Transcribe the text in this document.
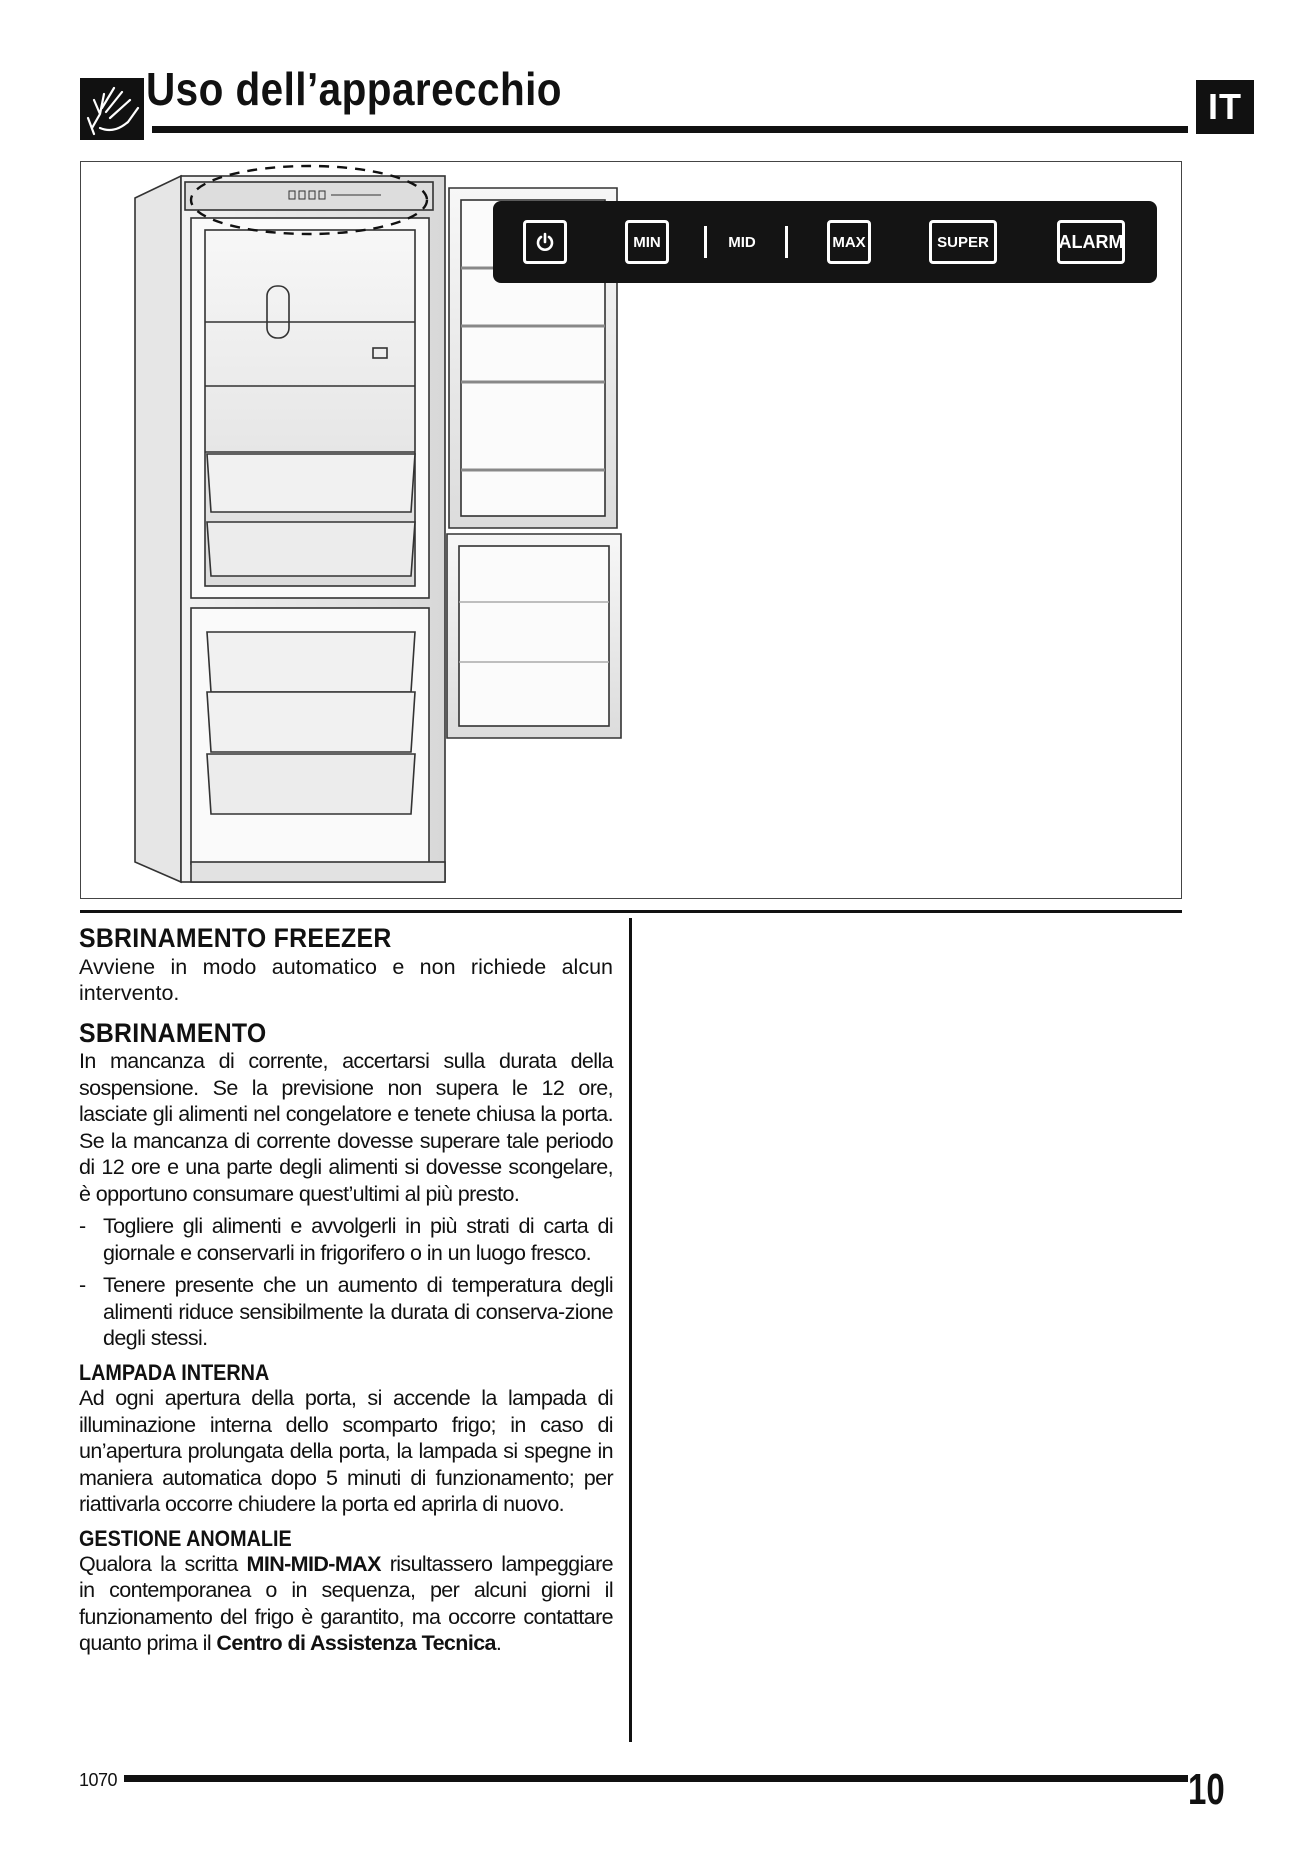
Uso dell’apparecchio	IT
MIN	MID	MAX	SUPER	ALARM
SBRINAMENTO FREEZER

Avviene in modo automatico e non richiede alcun intervento.

SBRINAMENTO

In mancanza di corrente, accertarsi sulla durata della sospensione. Se la previsione non supera le 12 ore, lasciate gli alimenti nel congelatore e tenete chiusa la porta. Se la mancanza di corrente dovesse superare tale periodo di 12 ore e una parte degli alimenti si dovesse scongelare, è opportuno consumare quest’ultimi al più presto.

- Togliere gli alimenti e avvolgerli in più strati di carta di giornale e conservarli in frigorifero o in un luogo fresco.

- Tenere presente che un aumento di temperatura degli alimenti riduce sensibilmente la durata di conserva-zione degli stessi.

LAMPADA INTERNA

Ad ogni apertura della porta, si accende la lampada di illuminazione interna dello scomparto frigo; in caso di un’apertura prolungata della porta, la lampada si spegne in maniera automatica dopo 5 minuti di funzionamento; per riattivarla occorre chiudere la porta ed aprirla di nuovo.

GESTIONE ANOMALIE

Qualora la scritta MIN-MID-MAX risultassero lampeggiare in contemporanea o in sequenza, per alcuni giorni il funzionamento del frigo è garantito, ma occorre contattare quanto prima il Centro di Assistenza Tecnica.

1070	10
